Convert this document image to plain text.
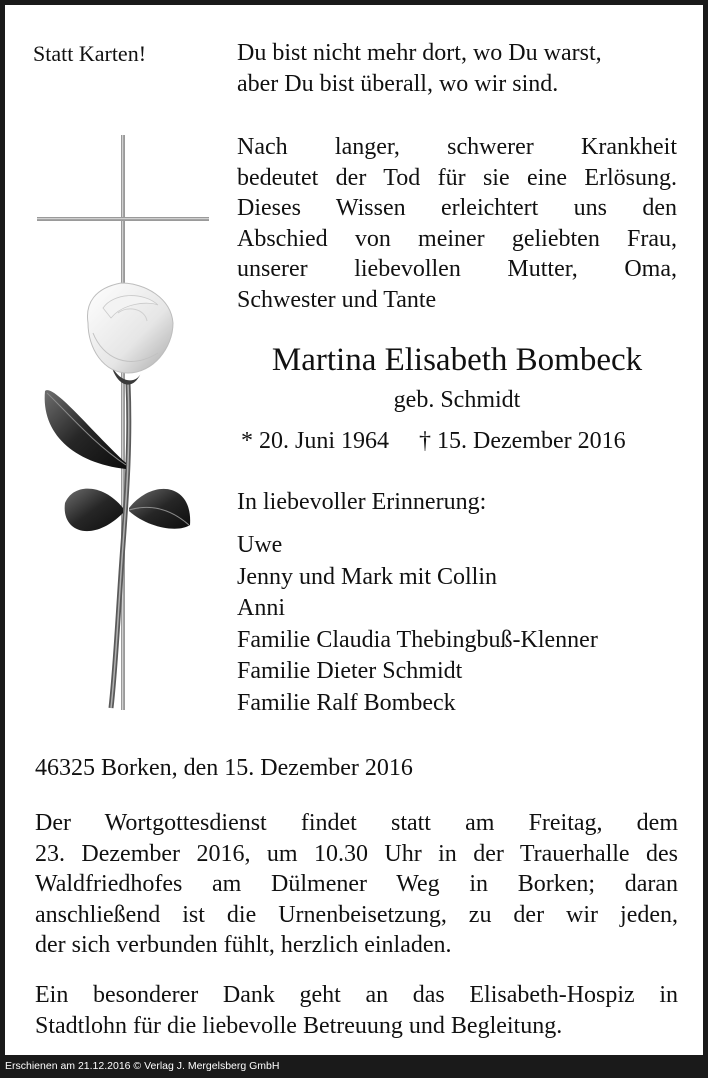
Statt Karten!	Du bist nicht mehr dort, wo Du warst,
aber Du bist überall, wo wir sind.
Nach langer, schwerer Krankheit
bedeutet der Tod für sie eine Erlösung.
Dieses Wissen erleichtert uns den
Abschied von meiner geliebten Frau,
unserer liebevollen Mutter, Oma,
Schwester und Tante
Martina Elisabeth Bombeck
geb. Schmidt
* 20. Juni 1964 † 15. Dezember 2016
In liebevoller Erinnerung:
Uwe
Jenny und Mark mit Collin
Anni
Familie Claudia Thebingbuß-Klenner
Familie Dieter Schmidt
Familie Ralf Bombeck
46325 Borken, den 15. Dezember 2016
Der Wortgottesdienst findet statt am Freitag, dem
23. Dezember 2016, um 10.30 Uhr in der Trauerhalle des
Waldfriedhofes am Dülmener Weg in Borken; daran
anschließend ist die Urnenbeisetzung, zu der wir jeden,
der sich verbunden fühlt, herzlich einladen.
Ein besonderer Dank geht an das Elisabeth-Hospiz in
Stadtlohn für die liebevolle Betreuung und Begleitung.
Erschienen am 21.12.2016 © Verlag J. Mergelsberg GmbH
